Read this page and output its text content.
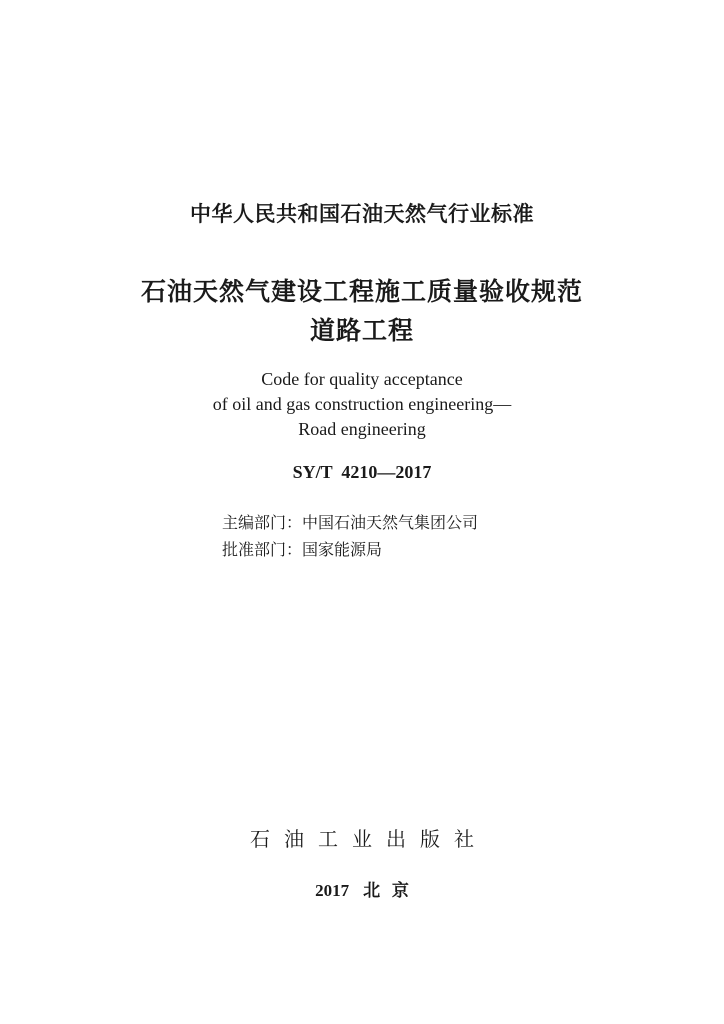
中华人民共和国石油天然气行业标准
石油天然气建设工程施工质量验收规范
道路工程
Code for quality acceptance
of oil and gas construction engineering—
Road engineering
SY/T  4210—2017
主编部门：中国石油天然气集团公司
批准部门：国家能源局
石油工业出版社
2017 北  京
